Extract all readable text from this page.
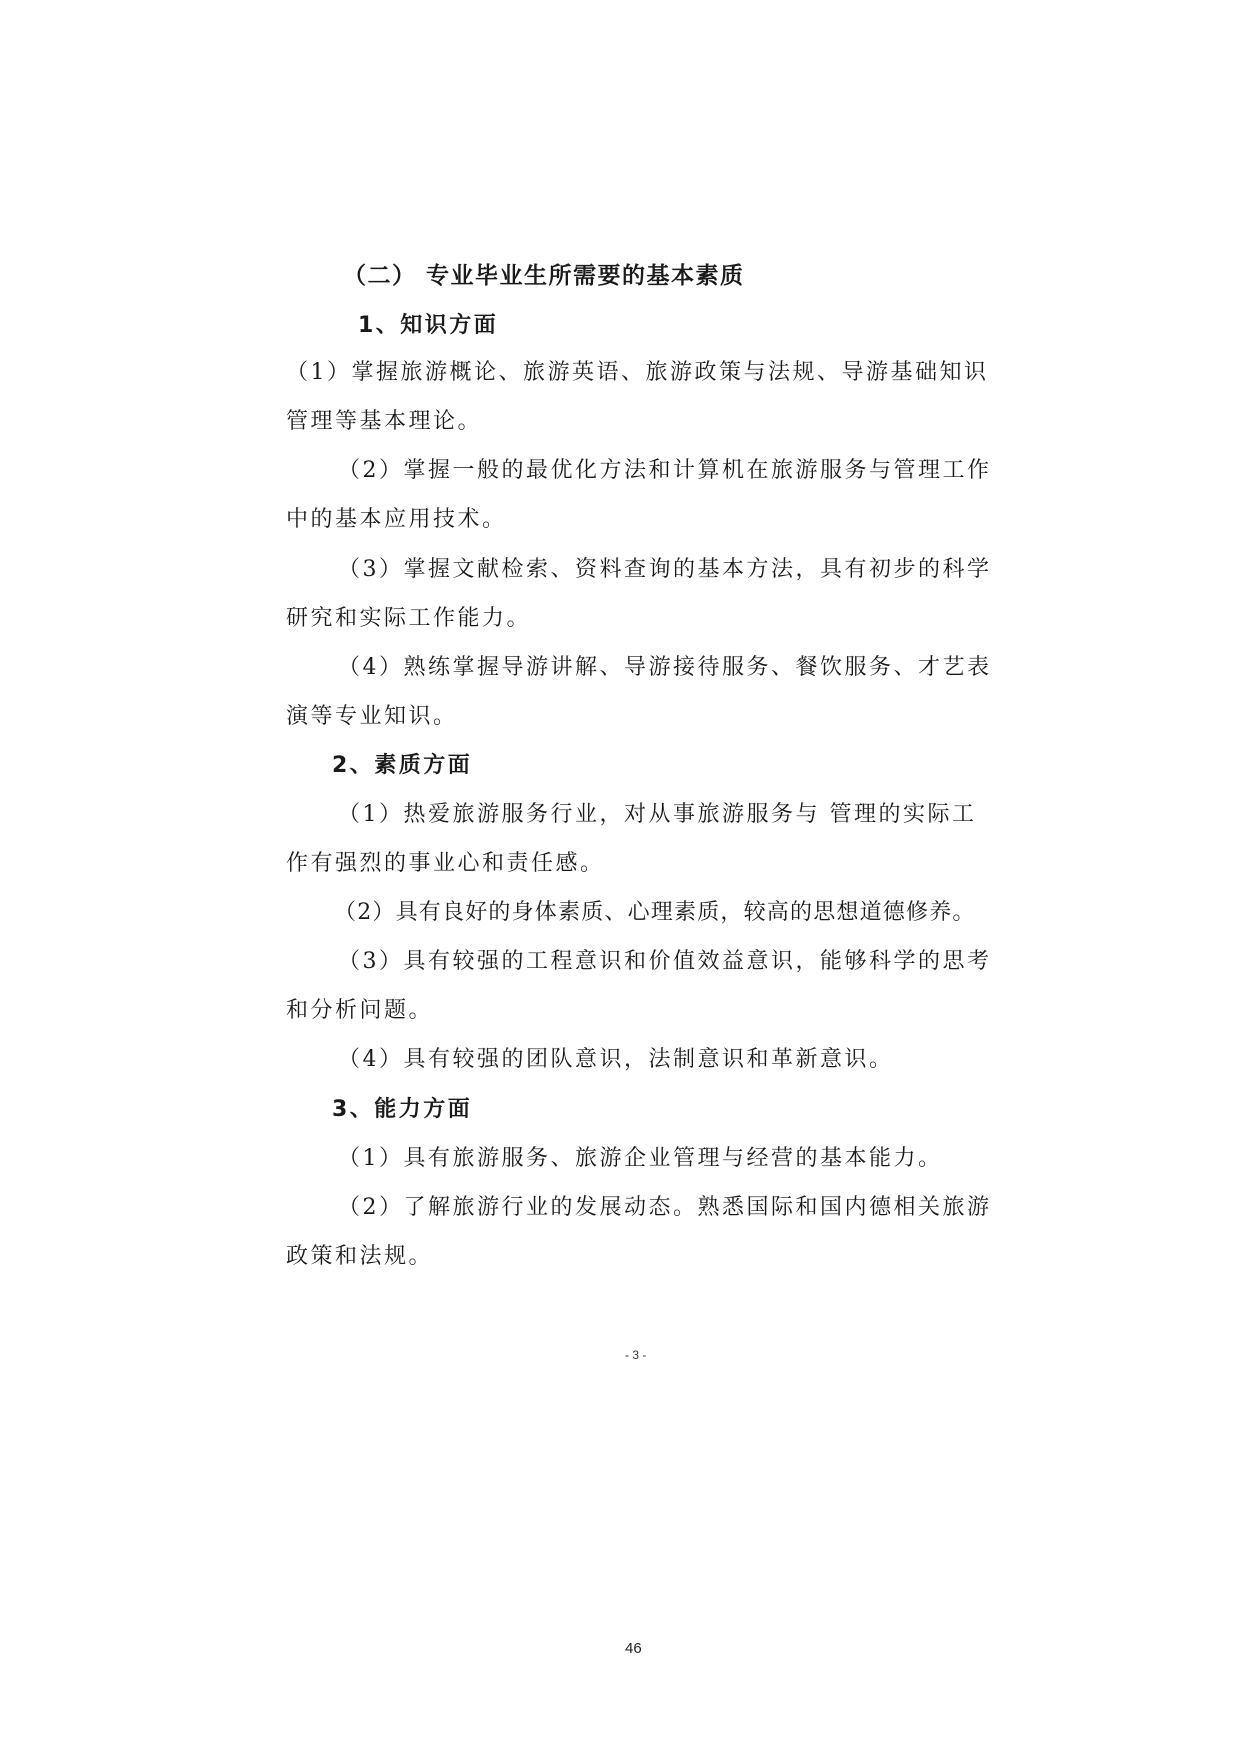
（二） 专业毕业生所需要的基本素质
1、知识方面
（1）掌握旅游概论、旅游英语、旅游政策与法规、导游基础知识
管理等基本理论。
（2）掌握一般的最优化方法和计算机在旅游服务与管理工作
中的基本应用技术。
（3）掌握文献检索、资料查询的基本方法，具有初步的科学
研究和实际工作能力。
（4）熟练掌握导游讲解、导游接待服务、餐饮服务、才艺表
演等专业知识。
2、素质方面
（1）热爱旅游服务行业，对从事旅游服务与 管理的实际工
作有强烈的事业心和责任感。
（2）具有良好的身体素质、心理素质，较高的思想道德修养。
（3）具有较强的工程意识和价值效益意识，能够科学的思考
和分析问题。
（4）具有较强的团队意识，法制意识和革新意识。
3、能力方面
（1）具有旅游服务、旅游企业管理与经营的基本能力。
（2）了解旅游行业的发展动态。熟悉国际和国内德相关旅游
政策和法规。
- 3 -
46
